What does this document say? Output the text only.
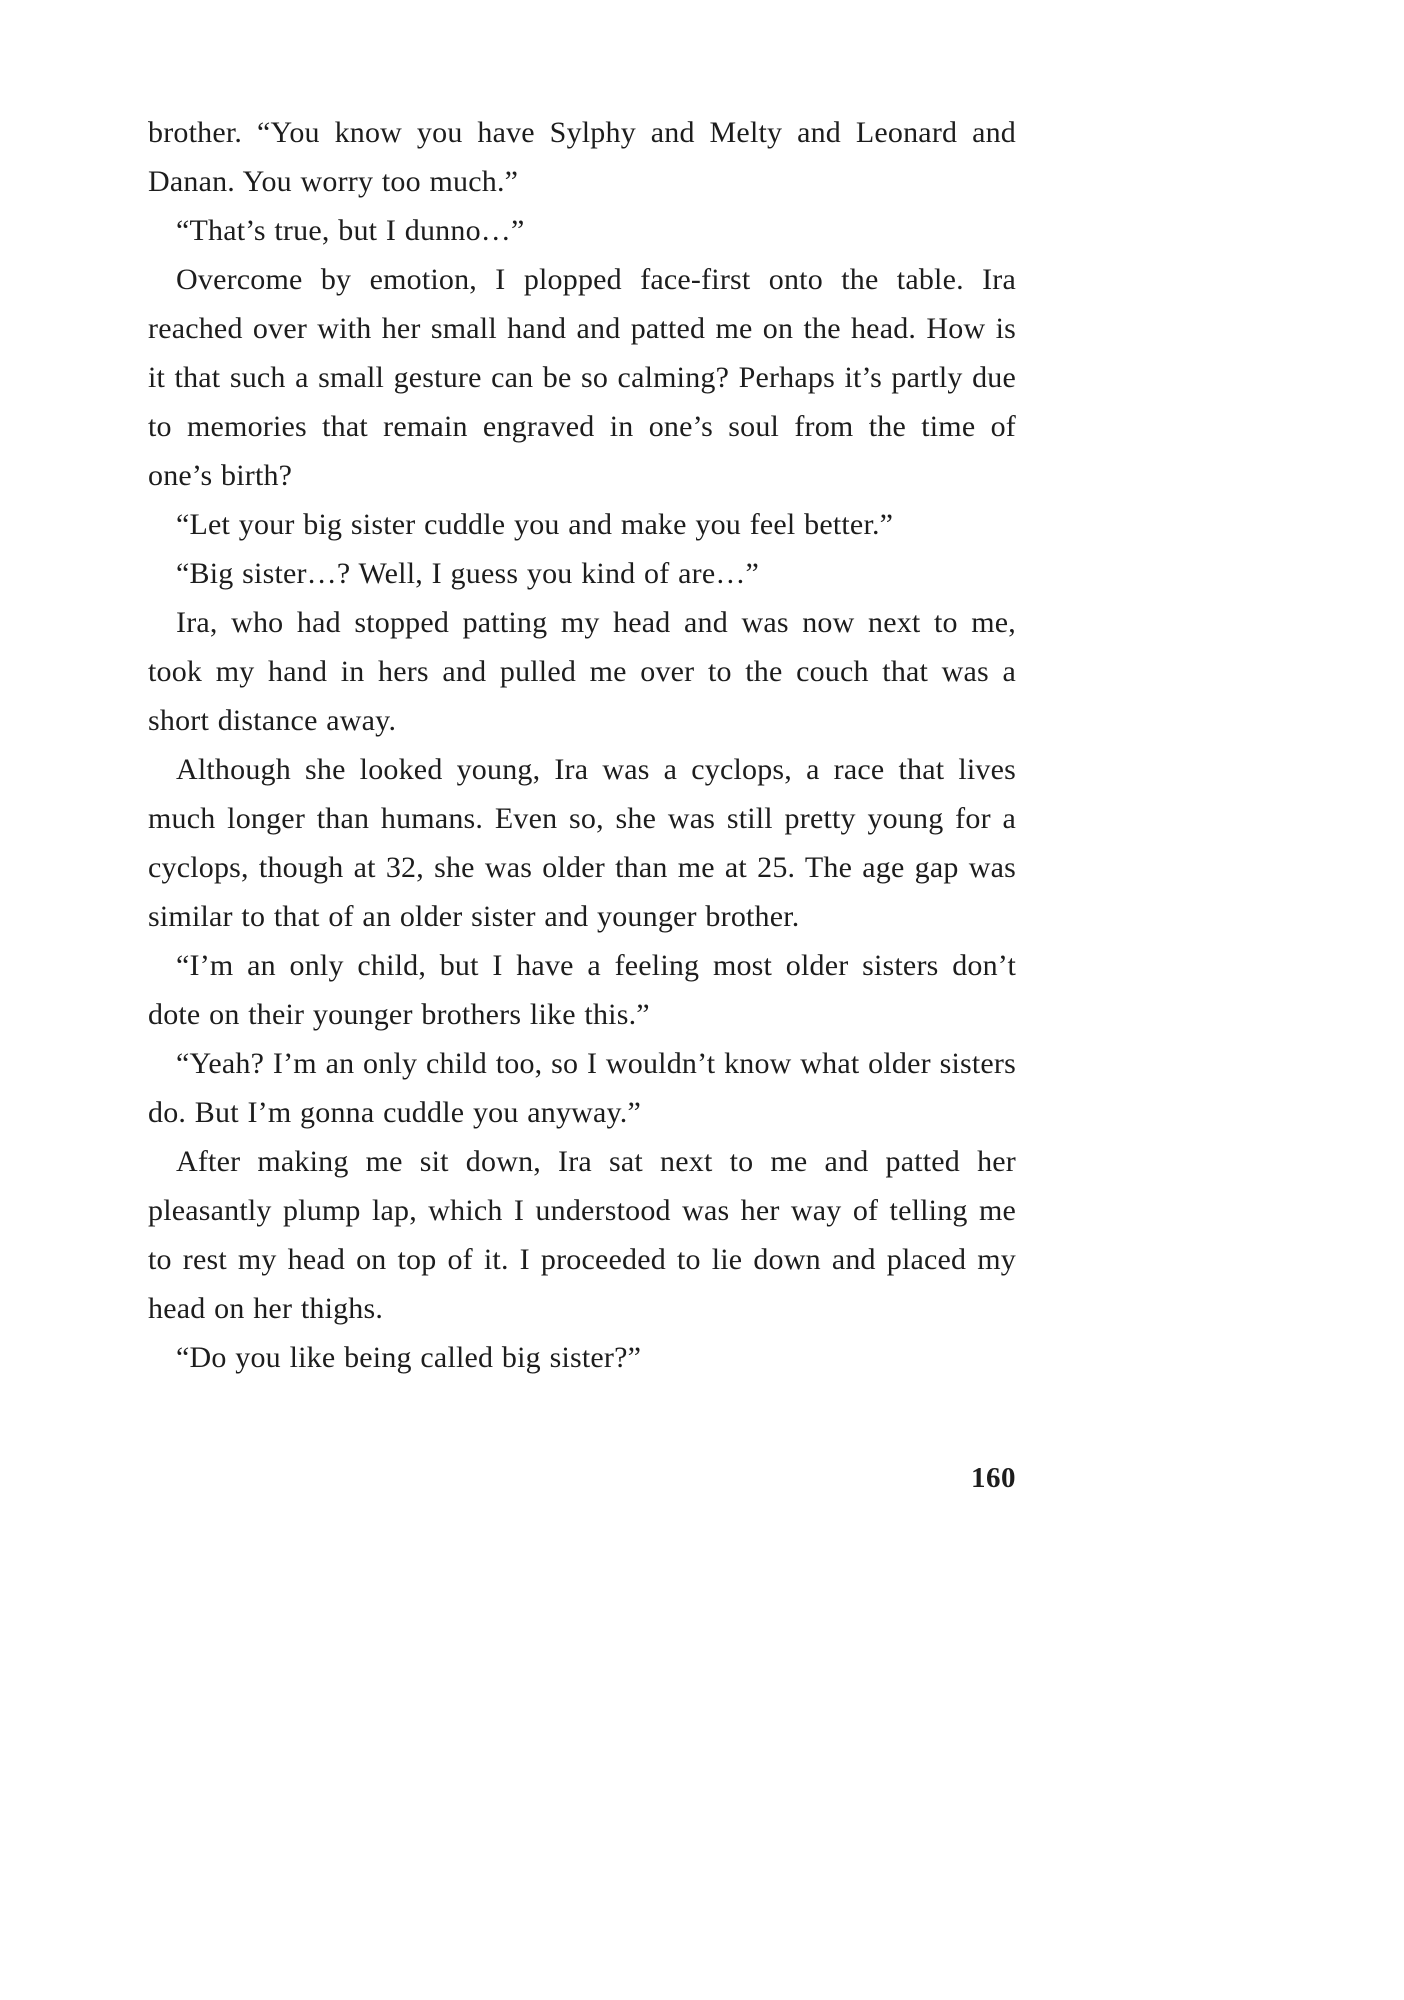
brother. “You know you have Sylphy and Melty and Leonard and Danan. You worry too much.”

“That’s true, but I dunno…”

Overcome by emotion, I plopped face-first onto the table. Ira reached over with her small hand and patted me on the head. How is it that such a small gesture can be so calming? Perhaps it’s partly due to memories that remain engraved in one’s soul from the time of one’s birth?

“Let your big sister cuddle you and make you feel better.”

“Big sister…? Well, I guess you kind of are…”

Ira, who had stopped patting my head and was now next to me, took my hand in hers and pulled me over to the couch that was a short distance away.

Although she looked young, Ira was a cyclops, a race that lives much longer than humans. Even so, she was still pretty young for a cyclops, though at 32, she was older than me at 25. The age gap was similar to that of an older sister and younger brother.

“I’m an only child, but I have a feeling most older sisters don’t dote on their younger brothers like this.”

“Yeah? I’m an only child too, so I wouldn’t know what older sisters do. But I’m gonna cuddle you anyway.”

After making me sit down, Ira sat next to me and patted her pleasantly plump lap, which I understood was her way of telling me to rest my head on top of it. I proceeded to lie down and placed my head on her thighs.

“Do you like being called big sister?”

160
